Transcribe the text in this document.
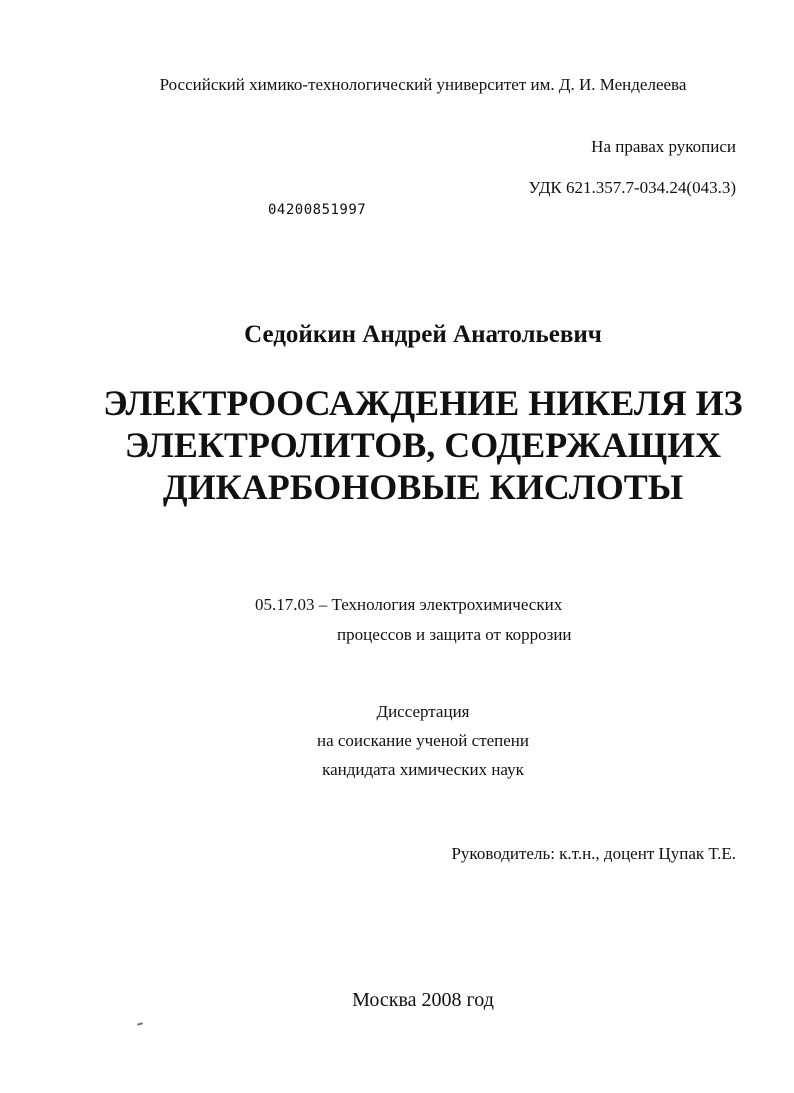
Российский химико-технологический университет им. Д. И. Менделеева
На правах рукописи
УДК 621.357.7-034.24(043.3)
04200851997
Седойкин Андрей Анатольевич
ЭЛЕКТРООСАЖДЕНИЕ НИКЕЛЯ ИЗ
ЭЛЕКТРОЛИТОВ, СОДЕРЖАЩИХ
ДИКАРБОНОВЫЕ КИСЛОТЫ
05.17.03 – Технология электрохимических
процессов и защита от коррозии
Диссертация
на соискание ученой степени
кандидата химических наук
Руководитель: к.т.н., доцент Цупак Т.Е.
Москва 2008 год
